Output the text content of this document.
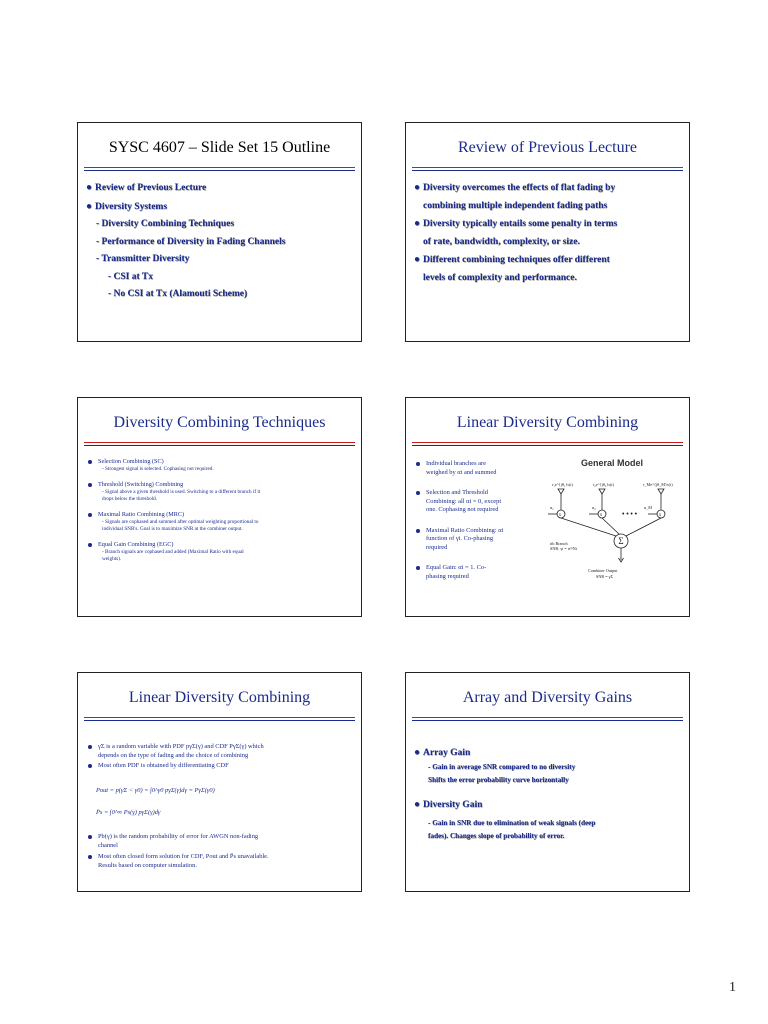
SYSC 4607 – Slide Set 15 Outline
● Review of Previous Lecture
● Diversity Systems
- Diversity Combining Techniques
- Performance of Diversity in Fading Channels
- Transmitter Diversity
- CSI at Tx
- No CSI at Tx (Alamouti Scheme)
Review of Previous Lecture
● Diversity overcomes the effects of flat fading by
combining multiple independent fading paths
● Diversity typically entails some penalty in terms
of rate, bandwidth, complexity, or size.
● Different combining techniques offer different
levels of complexity and performance.
Diversity Combining Techniques
Selection Combining (SC)
- Strongest signal is selected. Cophasing not required.
Threshold (Switching) Combining
- Signal above a given threshold is used. Switching to a different branch if it
drops below the threshold.
Maximal Ratio Combining (MRC)
- Signals are cophased and summed after optimal weighting proportional to
individual SNR's. Goal is to maximize SNR at the combiner output.
Equal Gain Combining (EGC)
- Branch signals are cophased and added (Maximal Ratio with equal
weights).
Linear Diversity Combining
Individual branches are
weighed by αi and summed
Selection and Threshold
Combining: all αi = 0, except
one. Cophasing not required
Maximal Ratio Combining: αi
function of γi. Co-phasing
required
Equal Gain: αi = 1. Co-
phasing required
General Model
r₁e^{jθ₁}s(t)	r₂e^{jθ₂}s(t)	r_Me^{jθ_M}s(t)
α₁	α₂	α_M
x	x	x
• • • •
Σ
ith Branch
SNR: γi = ri²/Ni
Combiner Output
SNR = γΣ
Linear Diversity Combining
γΣ is a random variable with PDF pγΣ(γ) and CDF PγΣ(γ) which
depends on the type of fading and the choice of combining
Most often PDF is obtained by differentiating CDF
Pout = p(γΣ < γ0) = ∫0^γ0 pγΣ(γ)dγ = PγΣ(γ0)
P̄s = ∫0^∞ Ps(γ) pγΣ(γ)dγ
Pb(γ) is the random probability of error for AWGN non-fading
channel
Most often closed form solution for CDF, Pout and P̄s unavailable.
Results based on computer simulation.
Array and Diversity Gains
● Array Gain
- Gain in average SNR compared to no diversity
Shifts the error probability curve horizontally
● Diversity Gain
- Gain in SNR due to elimination of weak signals (deep
fades). Changes slope of probability of error.
1
